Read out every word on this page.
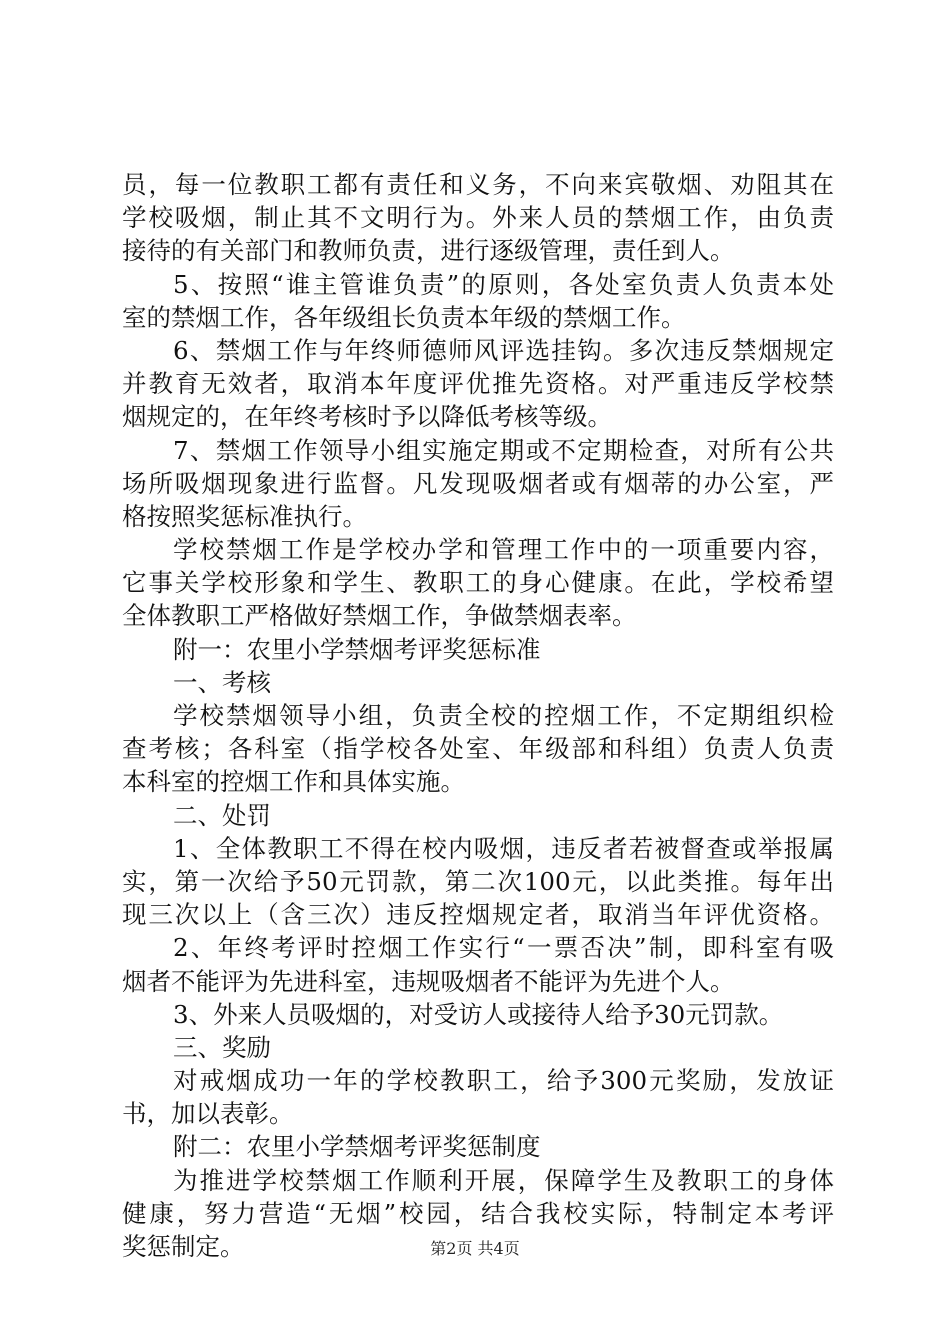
员，每一位教职工都有责任和义务，不向来宾敬烟、劝阻其在
学校吸烟，制止其不文明行为。外来人员的禁烟工作，由负责
接待的有关部门和教师负责，进行逐级管理，责任到人。
5、按照“谁主管谁负责”的原则，各处室负责人负责本处
室的禁烟工作，各年级组长负责本年级的禁烟工作。
6、禁烟工作与年终师德师风评选挂钩。多次违反禁烟规定
并教育无效者，取消本年度评优推先资格。对严重违反学校禁
烟规定的，在年终考核时予以降低考核等级。
7、禁烟工作领导小组实施定期或不定期检查，对所有公共
场所吸烟现象进行监督。凡发现吸烟者或有烟蒂的办公室，严
格按照奖惩标准执行。
学校禁烟工作是学校办学和管理工作中的一项重要内容，
它事关学校形象和学生、教职工的身心健康。在此，学校希望
全体教职工严格做好禁烟工作，争做禁烟表率。
附一：农里小学禁烟考评奖惩标准
一、考核
学校禁烟领导小组，负责全校的控烟工作，不定期组织检
查考核；各科室（指学校各处室、年级部和科组）负责人负责
本科室的控烟工作和具体实施。
二、处罚
1、全体教职工不得在校内吸烟，违反者若被督查或举报属
实，第一次给予50元罚款，第二次100元，以此类推。每年出
现三次以上（含三次）违反控烟规定者，取消当年评优资格。
2、年终考评时控烟工作实行“一票否决”制，即科室有吸
烟者不能评为先进科室，违规吸烟者不能评为先进个人。
3、外来人员吸烟的，对受访人或接待人给予30元罚款。
三、奖励
对戒烟成功一年的学校教职工，给予300元奖励，发放证
书，加以表彰。
附二：农里小学禁烟考评奖惩制度
为推进学校禁烟工作顺利开展，保障学生及教职工的身体
健康，努力营造“无烟”校园，结合我校实际，特制定本考评
奖惩制定。	第2页 共4页
